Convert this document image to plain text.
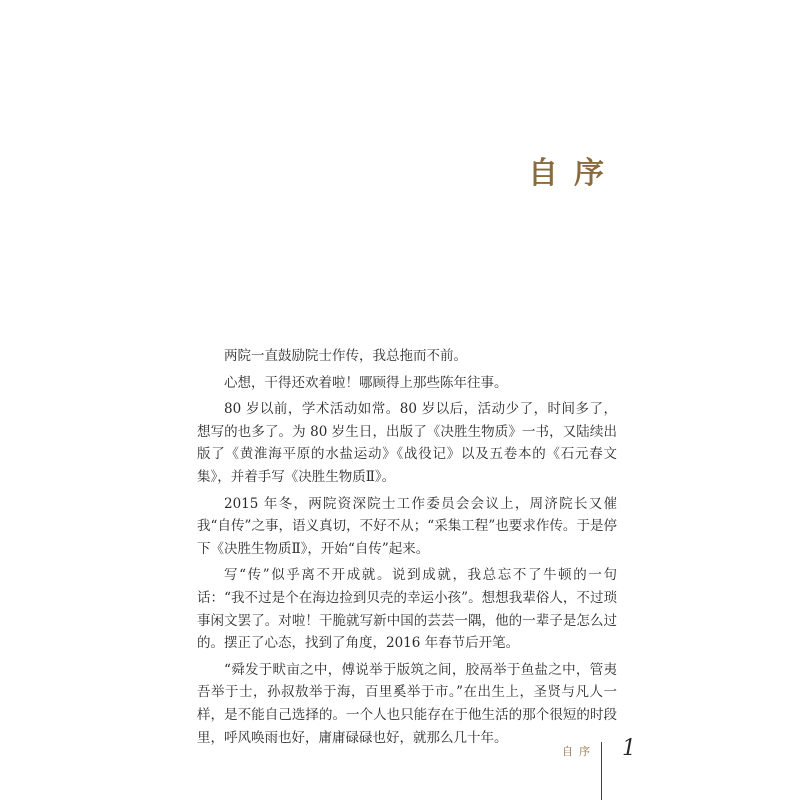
自序

两院一直鼓励院士作传，我总拖而不前。

心想，干得还欢着啦！哪顾得上那些陈年往事。

80 岁以前，学术活动如常。80 岁以后，活动少了，时间多了，想写的也多了。为 80 岁生日，出版了《决胜生物质》一书，又陆续出版了《黄淮海平原的水盐运动》《战役记》以及五卷本的《石元春文集》，并着手写《决胜生物质Ⅱ》。

2015 年冬，两院资深院士工作委员会会议上，周济院长又催我“自传”之事，语义真切，不好不从；“采集工程”也要求作传。于是停下《决胜生物质Ⅱ》，开始“自传”起来。

写“传”似乎离不开成就。说到成就，我总忘不了牛顿的一句话：“我不过是个在海边捡到贝壳的幸运小孩”。想想我辈俗人，不过琐事闲文罢了。对啦！干脆就写新中国的芸芸一隅，他的一辈子是怎么过的。摆正了心态，找到了角度，2016 年春节后开笔。

“舜发于畎亩之中，傅说举于版筑之间，胶鬲举于鱼盐之中，管夷吾举于士，孙叔敖举于海，百里奚举于市。”在出生上，圣贤与凡人一样，是不能自己选择的。一个人也只能存在于他生活的那个很短的时段里，呼风唤雨也好，庸庸碌碌也好，就那么几十年。

自序 1
